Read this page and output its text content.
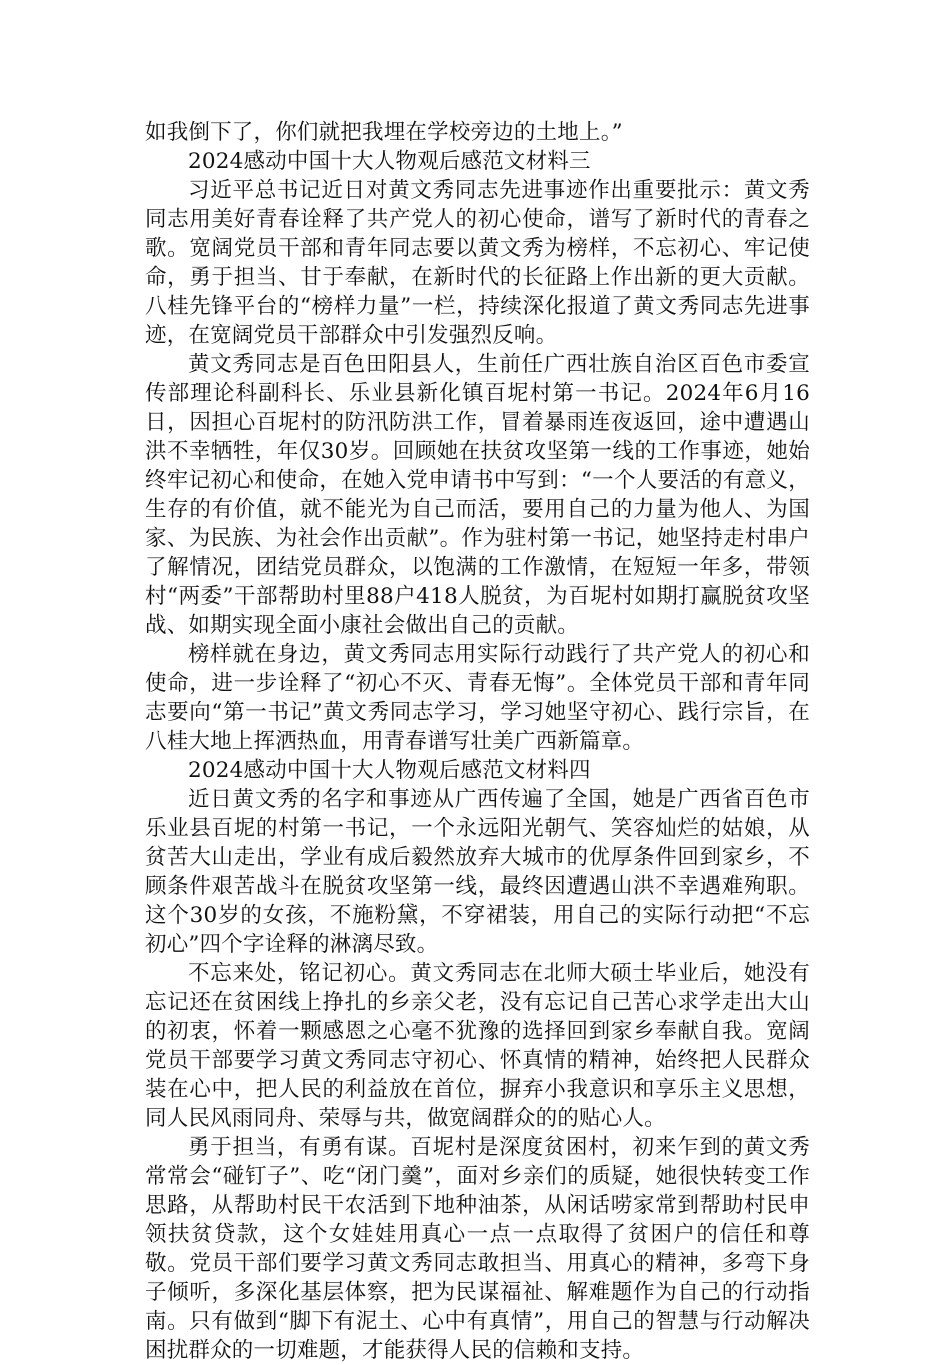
如我倒下了，你们就把我埋在学校旁边的土地上。”

2024感动中国十大人物观后感范文材料三

习近平总书记近日对黄文秀同志先进事迹作出重要批示：黄文秀同志用美好青春诠释了共产党人的初心使命，谱写了新时代的青春之歌。宽阔党员干部和青年同志要以黄文秀为榜样，不忘初心、牢记使命，勇于担当、甘于奉献，在新时代的长征路上作出新的更大贡献。八桂先锋平台的“榜样力量”一栏，持续深化报道了黄文秀同志先进事迹，在宽阔党员干部群众中引发强烈反响。

黄文秀同志是百色田阳县人，生前任广西壮族自治区百色市委宣传部理论科副科长、乐业县新化镇百坭村第一书记。2024年6月16日，因担心百坭村的防汛防洪工作，冒着暴雨连夜返回，途中遭遇山洪不幸牺牲，年仅30岁。回顾她在扶贫攻坚第一线的工作事迹，她始终牢记初心和使命，在她入党申请书中写到：“一个人要活的有意义，生存的有价值，就不能光为自己而活，要用自己的力量为他人、为国家、为民族、为社会作出贡献”。作为驻村第一书记，她坚持走村串户了解情况，团结党员群众，以饱满的工作激情，在短短一年多，带领村“两委”干部帮助村里88户418人脱贫，为百坭村如期打赢脱贫攻坚战、如期实现全面小康社会做出自己的贡献。

榜样就在身边，黄文秀同志用实际行动践行了共产党人的初心和使命，进一步诠释了“初心不灭、青春无悔”。全体党员干部和青年同志要向“第一书记”黄文秀同志学习，学习她坚守初心、践行宗旨，在八桂大地上挥洒热血，用青春谱写壮美广西新篇章。

2024感动中国十大人物观后感范文材料四

近日黄文秀的名字和事迹从广西传遍了全国，她是广西省百色市乐业县百坭的村第一书记，一个永远阳光朝气、笑容灿烂的姑娘，从贫苦大山走出，学业有成后毅然放弃大城市的优厚条件回到家乡，不顾条件艰苦战斗在脱贫攻坚第一线，最终因遭遇山洪不幸遇难殉职。这个30岁的女孩，不施粉黛，不穿裙装，用自己的实际行动把“不忘初心”四个字诠释的淋漓尽致。

不忘来处，铭记初心。黄文秀同志在北师大硕士毕业后，她没有忘记还在贫困线上挣扎的乡亲父老，没有忘记自己苦心求学走出大山的初衷，怀着一颗感恩之心毫不犹豫的选择回到家乡奉献自我。宽阔党员干部要学习黄文秀同志守初心、怀真情的精神，始终把人民群众装在心中，把人民的利益放在首位，摒弃小我意识和享乐主义思想，同人民风雨同舟、荣辱与共，做宽阔群众的的贴心人。

勇于担当，有勇有谋。百坭村是深度贫困村，初来乍到的黄文秀常常会“碰钉子”、吃“闭门羹”，面对乡亲们的质疑，她很快转变工作思路，从帮助村民干农活到下地种油茶，从闲话唠家常到帮助村民申领扶贫贷款，这个女娃娃用真心一点一点取得了贫困户的信任和尊敬。党员干部们要学习黄文秀同志敢担当、用真心的精神，多弯下身子倾听，多深化基层体察，把为民谋福祉、解难题作为自己的行动指南。只有做到“脚下有泥土、心中有真情”，用自己的智慧与行动解决困扰群众的一切难题，才能获得人民的信赖和支持。
